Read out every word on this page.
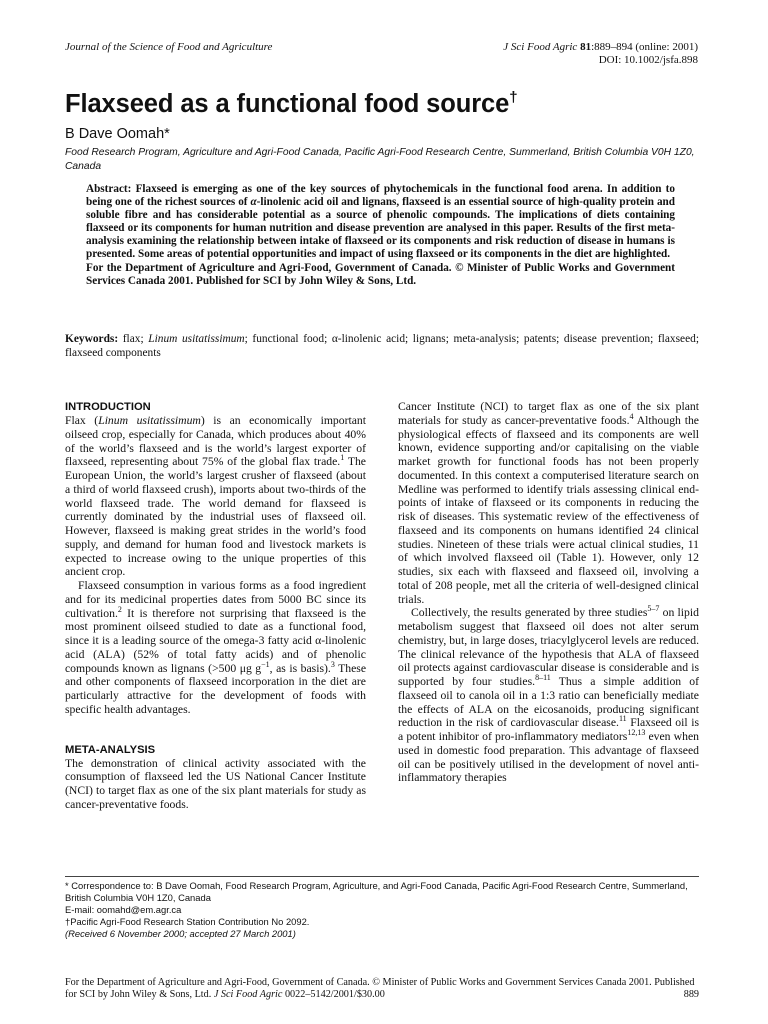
Journal of the Science of Food and Agriculture	J Sci Food Agric 81:889–894 (online: 2001)
DOI: 10.1002/jsfa.898
Flaxseed as a functional food source†
B Dave Oomah*
Food Research Program, Agriculture and Agri-Food Canada, Pacific Agri-Food Research Centre, Summerland, British Columbia V0H 1Z0, Canada

Abstract: Flaxseed is emerging as one of the key sources of phytochemicals in the functional food arena. In addition to being one of the richest sources of α-linolenic acid oil and lignans, flaxseed is an essential source of high-quality protein and soluble fibre and has considerable potential as a source of phenolic compounds. The implications of diets containing flaxseed or its components for human nutrition and disease prevention are analysed in this paper. Results of the first meta-analysis examining the relationship between intake of flaxseed or its components and risk reduction of disease in humans is presented. Some areas of potential opportunities and impact of using flaxseed or its components in the diet are highlighted.

For the Department of Agriculture and Agri-Food, Government of Canada. © Minister of Public Works and Government Services Canada 2001. Published for SCI by John Wiley & Sons, Ltd.

Keywords: flax; Linum usitatissimum; functional food; α-linolenic acid; lignans; meta-analysis; patents; disease prevention; flaxseed; flaxseed components

INTRODUCTION

Flax (Linum usitatissimum) is an economically important oilseed crop, especially for Canada, which produces about 40% of the world’s flaxseed and is the world’s largest exporter of flaxseed, representing about 75% of the global flax trade.$^1$ The European Union, the world’s largest crusher of flaxseed (about a third of world flaxseed crush), imports about two-thirds of the world flaxseed trade. The world demand for flaxseed is currently dominated by the industrial uses of flaxseed oil. However, flaxseed is making great strides in the world’s food supply, and demand for human food and livestock markets is expected to increase owing to the unique properties of this ancient crop.

Flaxseed consumption in various forms as a food ingredient and for its medicinal properties dates from 5000 BC since its cultivation.$^2$ It is therefore not surprising that flaxseed is the most prominent oilseed studied to date as a functional food, since it is a leading source of the omega-3 fatty acid α-linolenic acid (ALA) (52% of total fatty acids) and of phenolic compounds known as lignans (>500 μg $g^{-1}$, as is basis).$^3$ These and other components of flaxseed incorporation in the diet are particularly attractive for the development of foods with specific health advantages.

META-ANALYSIS

The demonstration of clinical activity associated with the consumption of flaxseed led the US National Cancer Institute (NCI) to target flax as one of the six plant materials for study as cancer-preventative foods.

Cancer Institute (NCI) to target flax as one of the six plant materials for study as cancer-preventative foods.$^4$ Although the physiological effects of flaxseed and its components are well known, evidence supporting and/or capitalising on the viable market growth for functional foods has not been properly documented. In this context a computerised literature search on Medline was performed to identify trials assessing clinical end-points of intake of flaxseed or its components in reducing the risk of diseases. This systematic review of the effectiveness of flaxseed and its components on humans identified 24 clinical studies. Nineteen of these trials were actual clinical studies, 11 of which involved flaxseed oil (Table 1). However, only 12 studies, six each with flaxseed and flaxseed oil, involving a total of 208 people, met all the criteria of well-designed clinical trials.

Collectively, the results generated by three studies$^{5-7}$ on lipid metabolism suggest that flaxseed oil does not alter serum chemistry, but, in large doses, triacylglycerol levels are reduced. The clinical relevance of the hypothesis that ALA of flaxseed oil protects against cardiovascular disease is considerable and is supported by four studies.$^{8-11}$ Thus a simple addition of flaxseed oil to canola oil in a 1:3 ratio can beneficially mediate the effects of ALA on the eicosanoids, producing significant reduction in the risk of cardiovascular disease.$^{11}$ Flaxseed oil is a potent inhibitor of pro-inflammatory mediators$^{12,13}$ even when used in domestic food preparation. This advantage of flaxseed oil can be positively utilised in the development of novel anti-inflammatory therapies

* Correspondence to: B Dave Oomah, Food Research Program, Agriculture, and Agri-Food Canada, Pacific Agri-Food Research Centre, Summerland, British Columbia V0H 1Z0, Canada
E-mail: oomahd@em.agr.ca
†Pacific Agri-Food Research Station Contribution No 2092.
(Received 6 November 2000; accepted 27 March 2001)
For the Department of Agriculture and Agri-Food, Government of Canada. © Minister of Public Works and Government Services Canada 2001. Published for SCI by John Wiley & Sons, Ltd. J Sci Food Agric 0022–5142/2001/$30.00	889
